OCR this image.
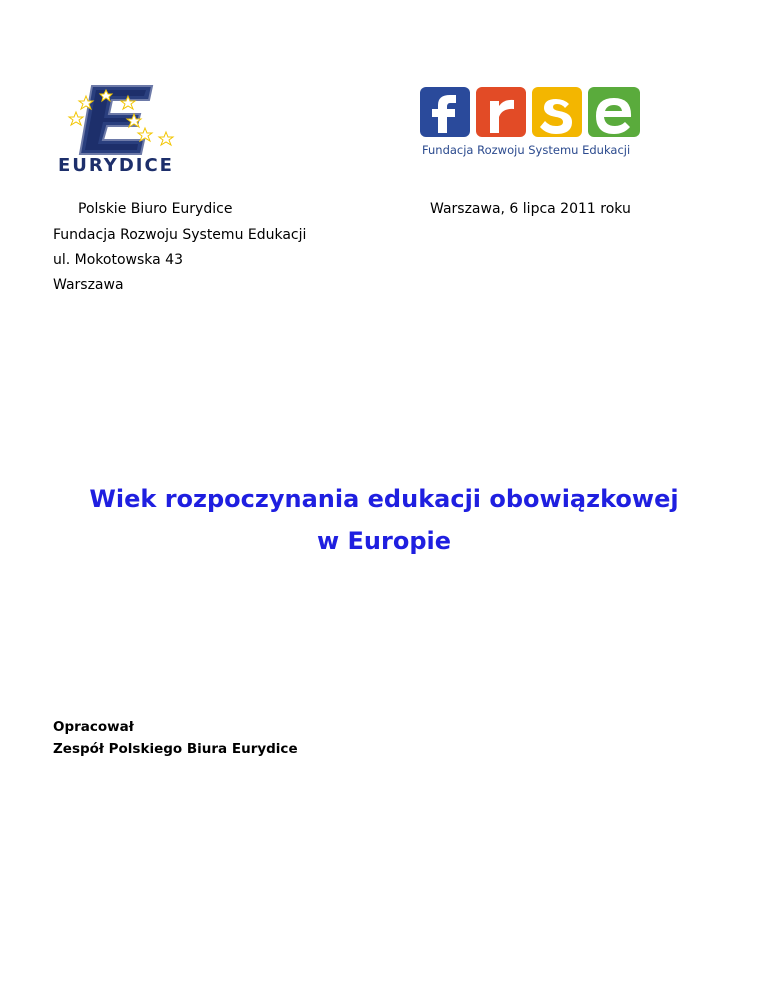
EURYDICE
Fundacja Rozwoju Systemu Edukacji
Polskie Biuro Eurydice
Fundacja Rozwoju Systemu Edukacji
ul. Mokotowska 43
Warszawa
Warszawa, 6 lipca 2011 roku
Wiek rozpoczynania edukacji obowiązkowej
w Europie
Opracował
Zespół Polskiego Biura Eurydice
